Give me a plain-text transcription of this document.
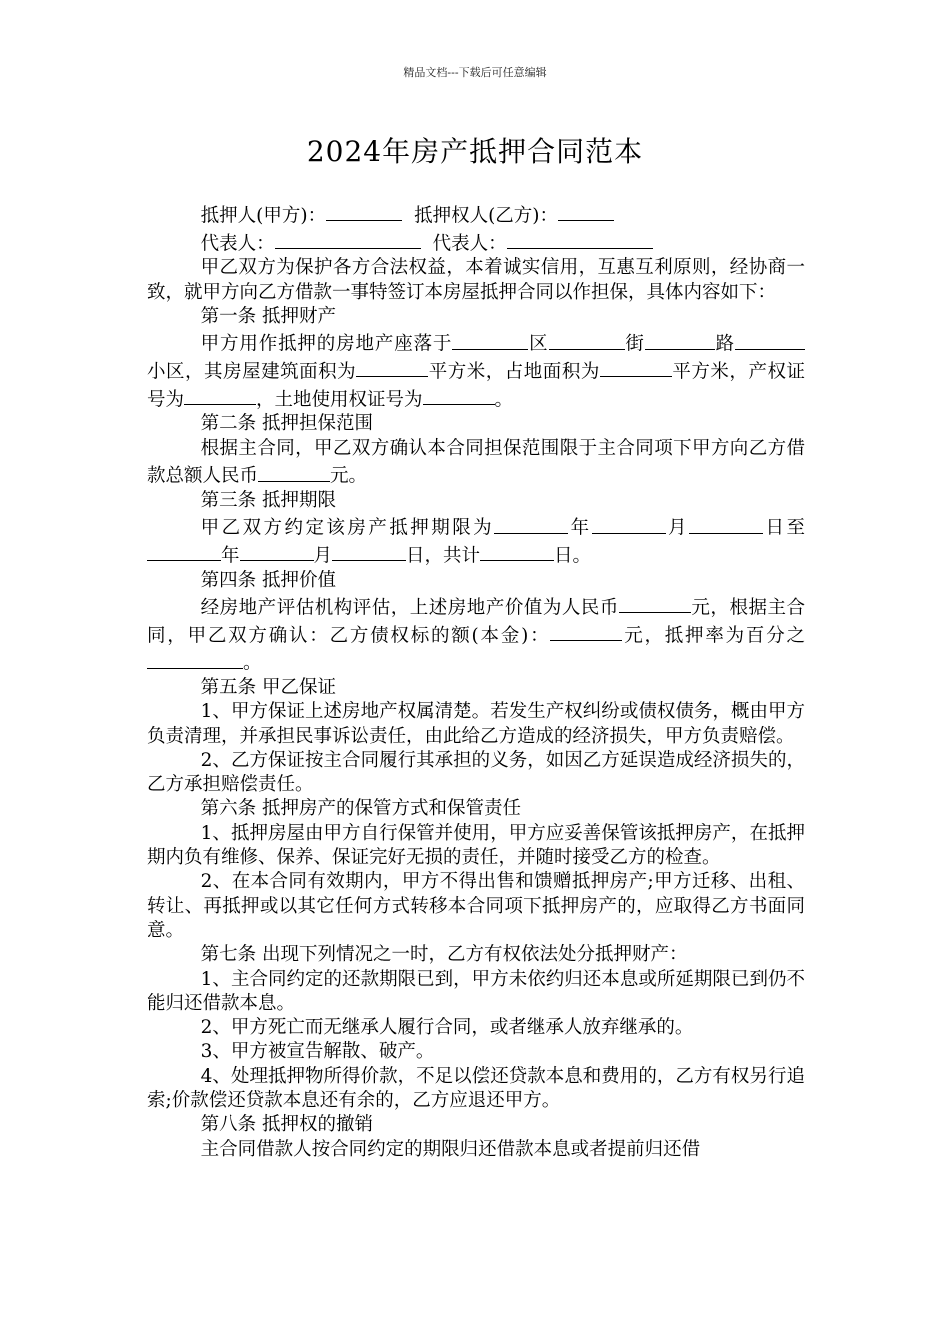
精品文档---下载后可任意编辑
2024年房产抵押合同范本

抵押人(甲方)：	抵押权人(乙方)：

代表人：	代表人：

甲乙双方为保护各方合法权益，本着诚实信用，互惠互利原则，经协商一致，就甲方向乙方借款一事特签订本房屋抵押合同以作担保，具体内容如下：

第一条 抵押财产

甲方用作抵押的房地产座落于	区	街	路小区，其房屋建筑面积为	平方米，占地面积为	平方米，产权证号为	，土地使用权证号为	。

第二条 抵押担保范围

根据主合同，甲乙双方确认本合同担保范围限于主合同项下甲方向乙方借款总额人民币	元。

第三条 抵押期限

甲乙双方约定该房产抵押期限为	年	月	日至年	月	日，共计	日。

第四条 抵押价值

经房地产评估机构评估，上述房地产价值为人民币	元，根据主合同，甲乙双方确认：乙方债权标的额(本金)：	元，抵押率为百分之。

第五条 甲乙保证

1、甲方保证上述房地产权属清楚。若发生产权纠纷或债权债务，概由甲方负责清理，并承担民事诉讼责任，由此给乙方造成的经济损失，甲方负责赔偿。

2、乙方保证按主合同履行其承担的义务，如因乙方延误造成经济损失的，乙方承担赔偿责任。

第六条 抵押房产的保管方式和保管责任

1、抵押房屋由甲方自行保管并使用，甲方应妥善保管该抵押房产，在抵押期内负有维修、保养、保证完好无损的责任，并随时接受乙方的检查。

2、在本合同有效期内，甲方不得出售和馈赠抵押房产;甲方迁移、出租、转让、再抵押或以其它任何方式转移本合同项下抵押房产的，应取得乙方书面同意。

第七条 出现下列情况之一时，乙方有权依法处分抵押财产：

1、主合同约定的还款期限已到，甲方未依约归还本息或所延期限已到仍不能归还借款本息。

2、甲方死亡而无继承人履行合同，或者继承人放弃继承的。

3、甲方被宣告解散、破产。

4、处理抵押物所得价款，不足以偿还贷款本息和费用的，乙方有权另行追索;价款偿还贷款本息还有余的，乙方应退还甲方。

第八条 抵押权的撤销

主合同借款人按合同约定的期限归还借款本息或者提前归还借
